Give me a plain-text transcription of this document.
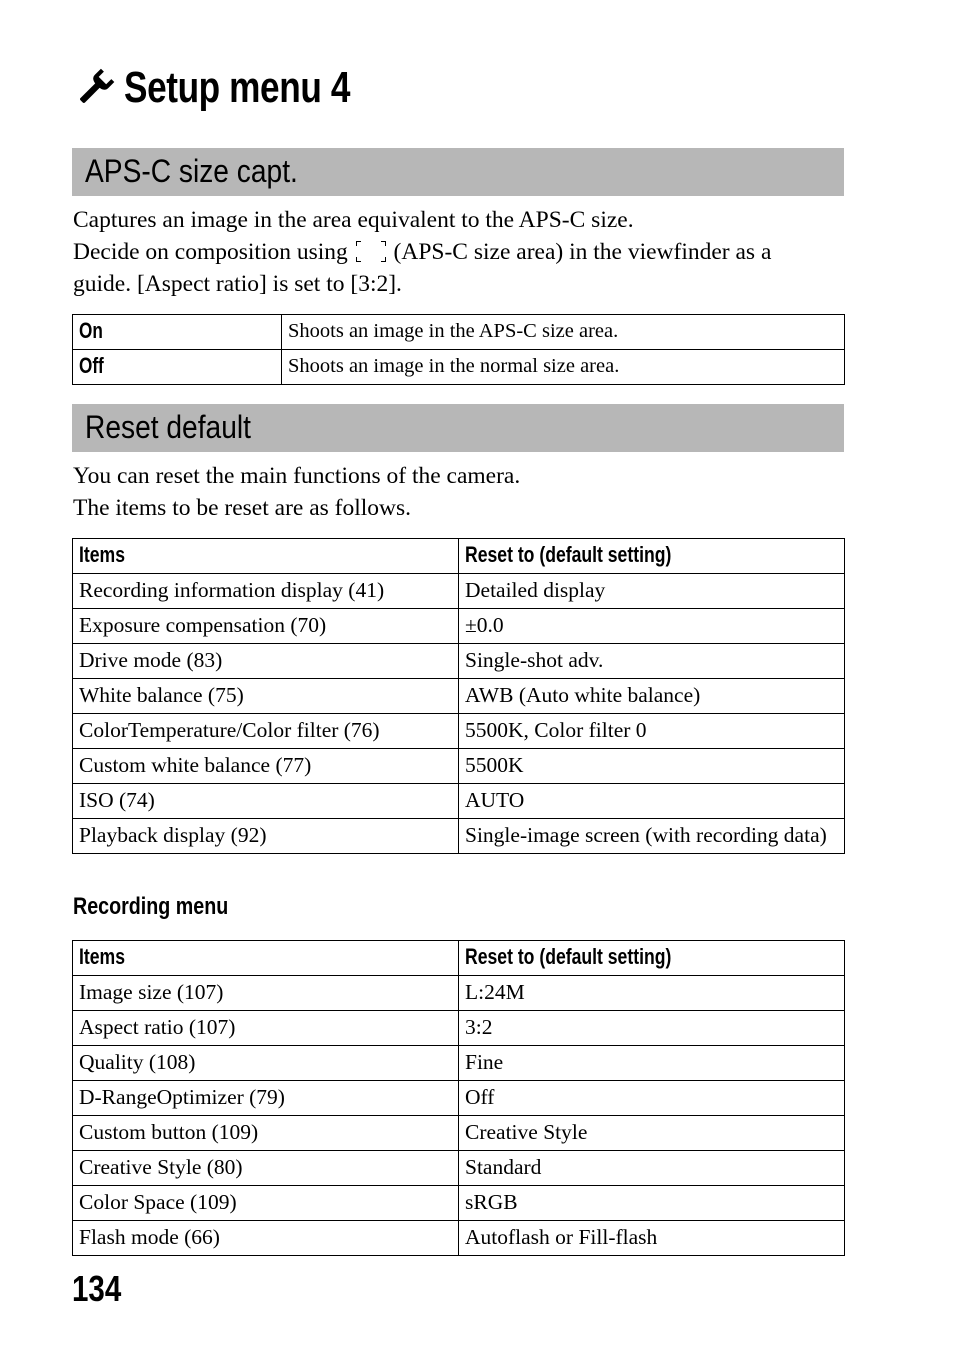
Setup menu 4
APS-C size capt.

Captures an image in the area equivalent to the APS-C size.
Decide on composition using (APS-C size area) in the viewfinder as a
guide. [Aspect ratio] is set to [3:2].

On	Shoots an image in the APS-C size area.
Off	Shoots an image in the normal size area.
Reset default

You can reset the main functions of the camera.
The items to be reset are as follows.

Items	Reset to (default setting)
Recording information display (41)	Detailed display
Exposure compensation (70)	±0.0
Drive mode (83)	Single-shot adv.
White balance (75)	AWB (Auto white balance)
ColorTemperature/Color filter (76)	5500K, Color filter 0
Custom white balance (77)	5500K
ISO (74)	AUTO
Playback display (92)	Single-image screen (with recording data)
Recording menu
Items	Reset to (default setting)
Image size (107)	L:24M
Aspect ratio (107)	3:2
Quality (108)	Fine
D-RangeOptimizer (79)	Off
Custom button (109)	Creative Style
Creative Style (80)	Standard
Color Space (109)	sRGB
Flash mode (66)	Autoflash or Fill-flash
134
